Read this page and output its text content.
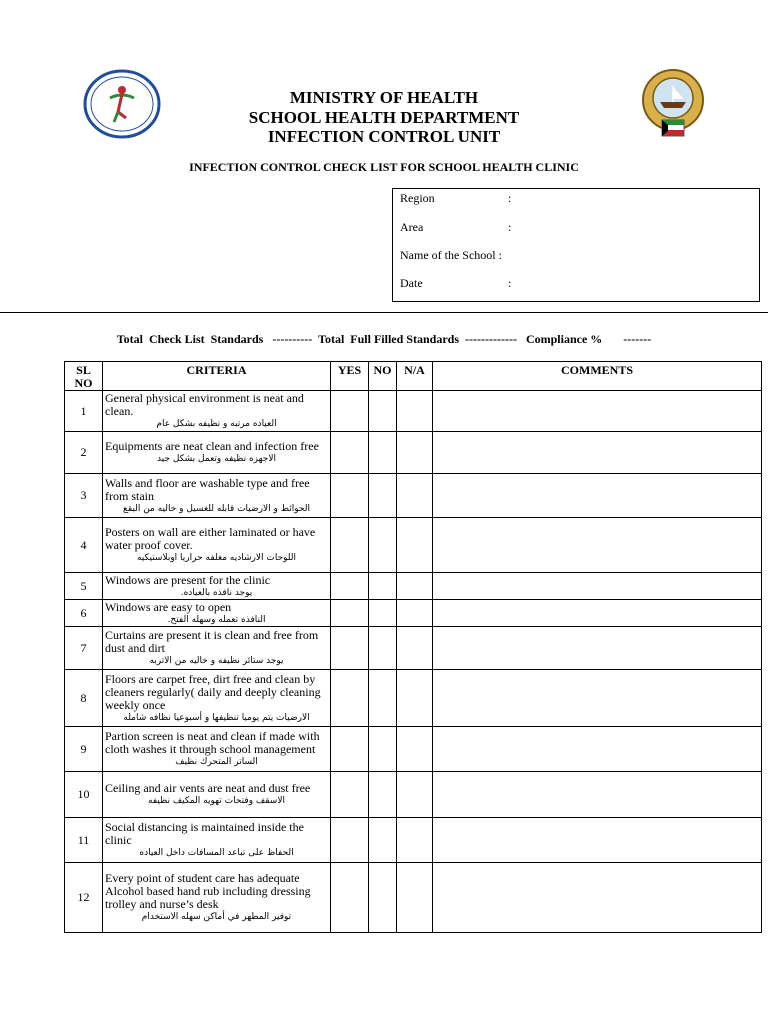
MINISTRY OF HEALTH
SCHOOL HEALTH DEPARTMENT
INFECTION CONTROL UNIT
INFECTION CONTROL CHECK LIST FOR SCHOOL HEALTH CLINIC
Region	:
Area	:
Name of the School :
Date	:
Total  Check List  Standards   ----------  Total  Full Filled Standards  -------------   Compliance %       -------
SL NO	CRITERIA	YES	NO	N/A	COMMENTS
1	General physical environment is neat and clean.
العياده مرتبه و نظيفه بشكل عام				

2	Equipments are neat clean and infection free
الاجهزه نظيفه وتعمل بشكل جيد				

3	Walls and floor are washable type and free from stain
الحوائط و الارضيات قابله للغسيل و خاليه من البقع				

4	Posters on wall are either laminated or have water proof cover.
اللوحات الارشاديه مغلفه حراريا اوبلاستيكيه				

5	Windows are present for the clinic
يوجد نافذه بالعياده.				

6	Windows are easy to open
النافذه تعمله وسهله الفتح.				

7	Curtains are present it is clean and free from dust and dirt
يوجد ستائر نظيفه و خاليه من الاتربه				

8	Floors are carpet free, dirt free and clean by cleaners regularly( daily and deeply cleaning weekly once
الارضيات يتم يوميا تنظيفها و أسبوعيا نظافه شامله				

9	Partion screen is neat and clean if made with cloth washes it through school management
الساتر المتحرك نظيف				

10	Ceiling and air vents are neat and dust free
الاسقف وفتحات تهويه المكيف نظيفه				

11	Social distancing is maintained inside the clinic
الحفاظ على تباعد المسافات داخل العياده				

12	Every point of student care has adequate Alcohol based hand rub including dressing trolley and nurse’s desk
توفير المطهر في أماكن سهله الاستخدام				
